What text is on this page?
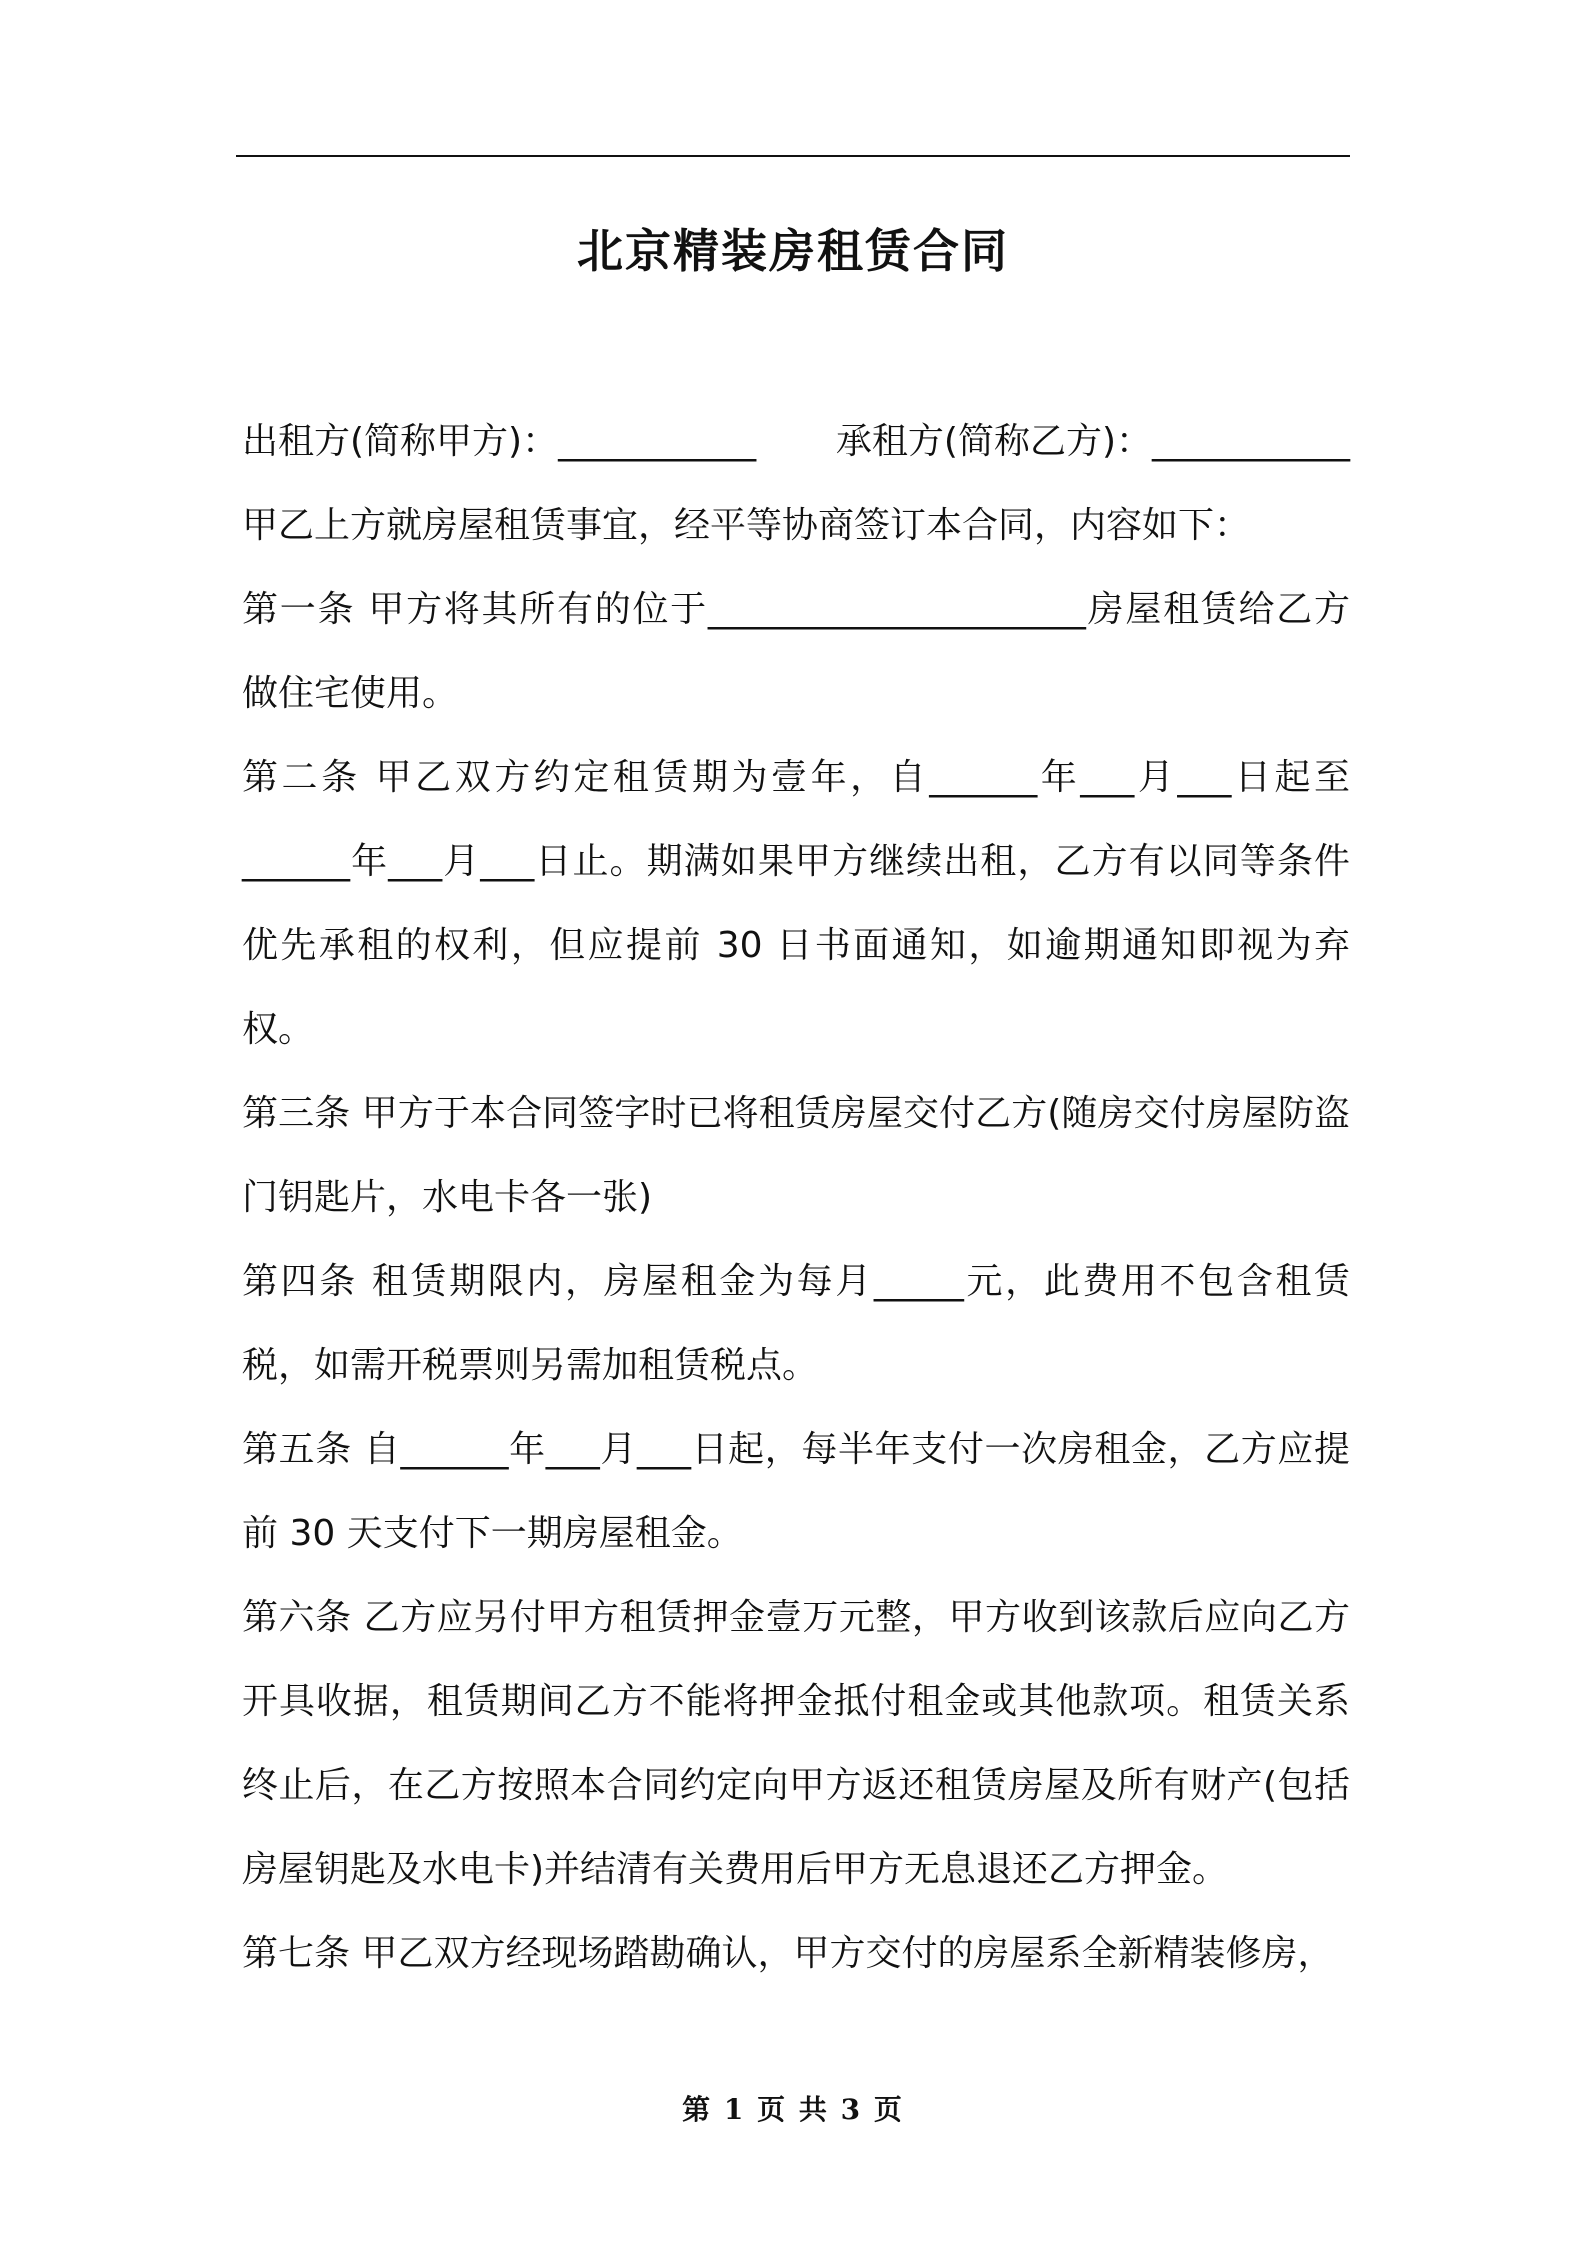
北京精装房租赁合同

出租方(简称甲方)：___________ 承租方(简称乙方)：___________

甲乙上方就房屋租赁事宜，经平等协商签订本合同，内容如下：

第一条 甲方将其所有的位于_____________________房屋租赁给乙方做住宅使用。

第二条 甲乙双方约定租赁期为壹年，自______年___月___日起至______年___月___日止。期满如果甲方继续出租，乙方有以同等条件优先承租的权利，但应提前 30 日书面通知，如逾期通知即视为弃权。

第三条 甲方于本合同签字时已将租赁房屋交付乙方(随房交付房屋防盗门钥匙片，水电卡各一张)

第四条 租赁期限内，房屋租金为每月_____元，此费用不包含租赁税，如需开税票则另需加租赁税点。

第五条 自______年___月___日起，每半年支付一次房租金，乙方应提前 30 天支付下一期房屋租金。

第六条 乙方应另付甲方租赁押金壹万元整，甲方收到该款后应向乙方开具收据，租赁期间乙方不能将押金抵付租金或其他款项。租赁关系终止后，在乙方按照本合同约定向甲方返还租赁房屋及所有财产(包括房屋钥匙及水电卡)并结清有关费用后甲方无息退还乙方押金。

第七条 甲乙双方经现场踏勘确认，甲方交付的房屋系全新精装修房，

第 1 页 共 3 页
